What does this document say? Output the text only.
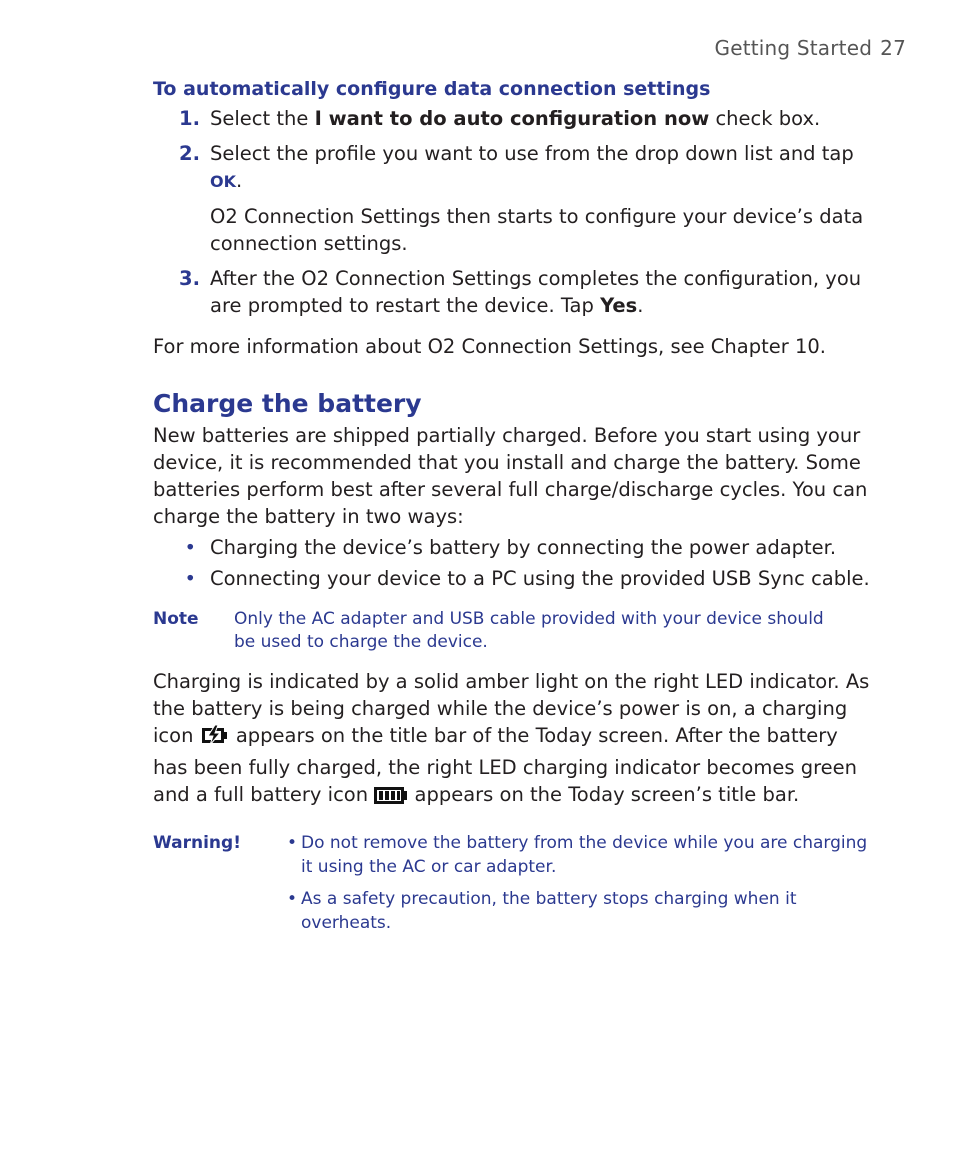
Getting Started 27
To automatically configure data connection settings
1. Select the I want to do auto configuration now check box.

2. Select the profile you want to use from the drop down list and tap OK.

O2 Connection Settings then starts to configure your device’s data connection settings.

3. After the O2 Connection Settings completes the configuration, you are prompted to restart the device. Tap Yes.

For more information about O2 Connection Settings, see Chapter 10.

Charge the battery

New batteries are shipped partially charged. Before you start using your device, it is recommended that you install and charge the battery. Some batteries perform best after several full charge/discharge cycles. You can charge the battery in two ways:

• Charging the device’s battery by connecting the power adapter.
• Connecting your device to a PC using the provided USB Sync cable.
Note	Only the AC adapter and USB cable provided with your device should be used to charge the device.

Charging is indicated by a solid amber light on the right LED indicator. As the battery is being charged while the device’s power is on, a charging icon  appears on the title bar of the Today screen. After the battery has been fully charged, the right LED charging indicator becomes green and a full battery icon  appears on the Today screen’s title bar.

Warning!	• Do not remove the battery from the device while you are charging it using the AC or car adapter.
• As a safety precaution, the battery stops charging when it overheats.
